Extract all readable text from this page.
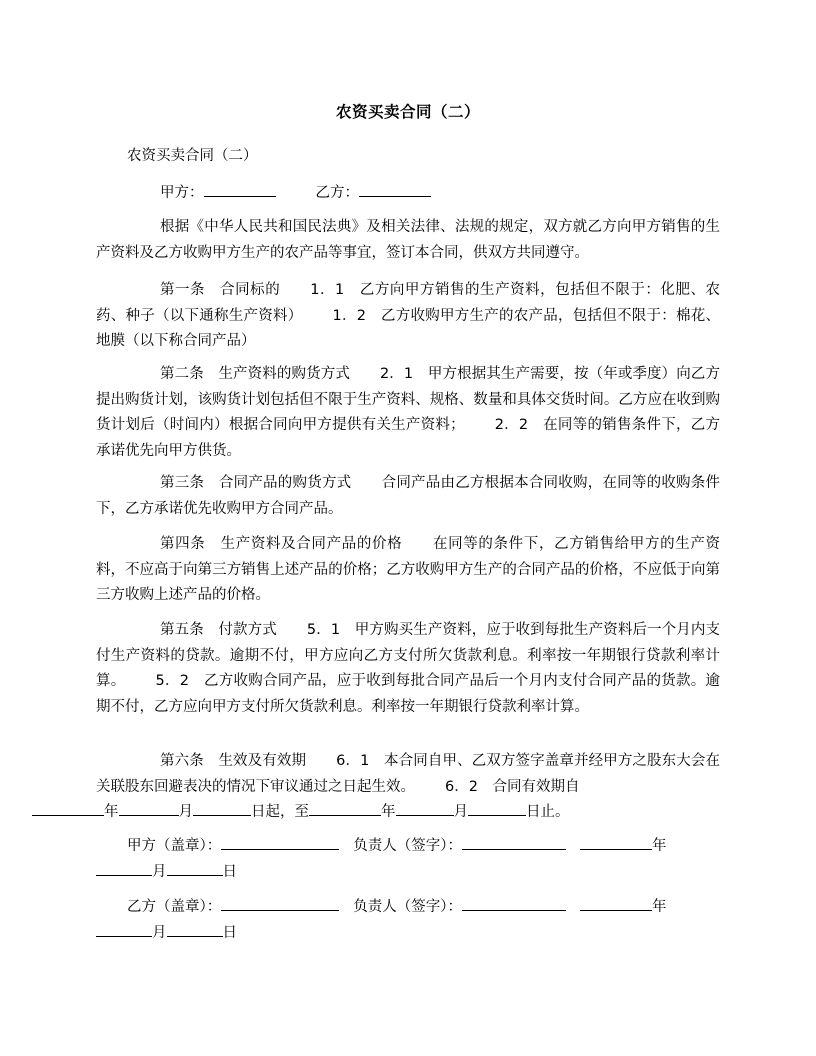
农资买卖合同（二）
农资买卖合同（二）
甲方：	乙方：

根据《中华人民共和国民法典》及相关法律、法规的规定，双方就乙方向甲方销售的生产资料及乙方收购甲方生产的农产品等事宜，签订本合同，供双方共同遵守。

第一条　合同标的 1．1　乙方向甲方销售的生产资料，包括但不限于：化肥、农药、种子（以下通称生产资料） 1．2　乙方收购甲方生产的农产品，包括但不限于：棉花、地膜（以下称合同产品）

第二条　生产资料的购货方式 2．1　甲方根据其生产需要，按（年或季度）向乙方提出购货计划，该购货计划包括但不限于生产资料、规格、数量和具体交货时间。乙方应在收到购货计划后（时间内）根据合同向甲方提供有关生产资料； 2．2　在同等的销售条件下，乙方承诺优先向甲方供货。

第三条　合同产品的购货方式 合同产品由乙方根据本合同收购，在同等的收购条件下，乙方承诺优先收购甲方合同产品。

第四条　生产资料及合同产品的价格 在同等的条件下，乙方销售给甲方的生产资料，不应高于向第三方销售上述产品的价格；乙方收购甲方生产的合同产品的价格，不应低于向第三方收购上述产品的价格。

第五条　付款方式 5．1　甲方购买生产资料，应于收到每批生产资料后一个月内支付生产资料的贷款。逾期不付，甲方应向乙方支付所欠货款利息。利率按一年期银行贷款利率计算。 5．2　乙方收购合同产品，应于收到每批合同产品后一个月内支付合同产品的货款。逾期不付，乙方应向甲方支付所欠货款利息。利率按一年期银行贷款利率计算。

第六条　生效及有效期 6．1　本合同自甲、乙双方签字盖章并经甲方之股东大会在关联股东回避表决的情况下审议通过之日起生效。 6．2　合同有效期自
年	月	日起，至	年	月	日止。

甲方（盖章）：	负责人（签字）：	年
月	日
乙方（盖章）：	负责人（签字）：	年
月	日
